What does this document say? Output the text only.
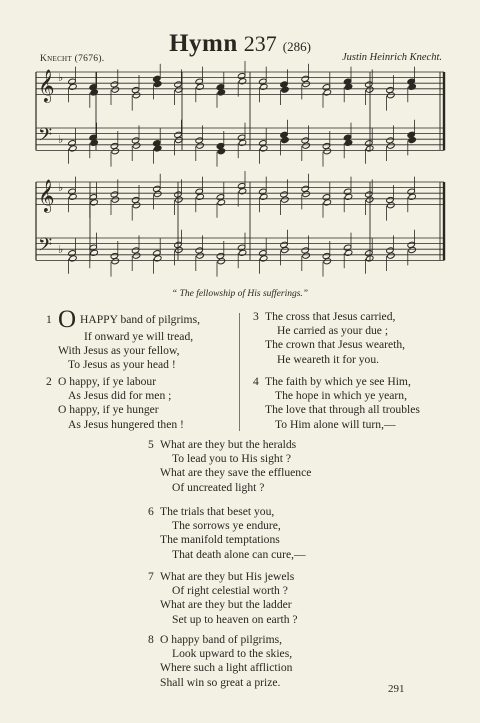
Hymn 237 (286)
Knecht (7676).	Justin Heinrich Knecht.
𝄞 ♭
𝄢 ♭
𝄞 ♭
𝄢 ♭
“ The fellowship of His sufferings.”
1 O HAPPY band of pilgrims,
If onward ye will tread,
With Jesus as your fellow,
To Jesus as your head !
2 O happy, if ye labour
As Jesus did for men ;
O happy, if ye hunger
As Jesus hungered then !
3 The cross that Jesus carried,
He carried as your due ;
The crown that Jesus weareth,
He weareth it for you.
4 The faith by which ye see Him,
The hope in which ye yearn,
The love that through all troubles
To Him alone will turn,—
5 What are they but the heralds
To lead you to His sight ?
What are they save the effluence
Of uncreated light ?
6 The trials that beset you,
The sorrows ye endure,
The manifold temptations
That death alone can cure,—
7 What are they but His jewels
Of right celestial worth ?
What are they but the ladder
Set up to heaven on earth ?
8 O happy band of pilgrims,
Look upward to the skies,
Where such a light affliction
Shall win so great a prize.
291
